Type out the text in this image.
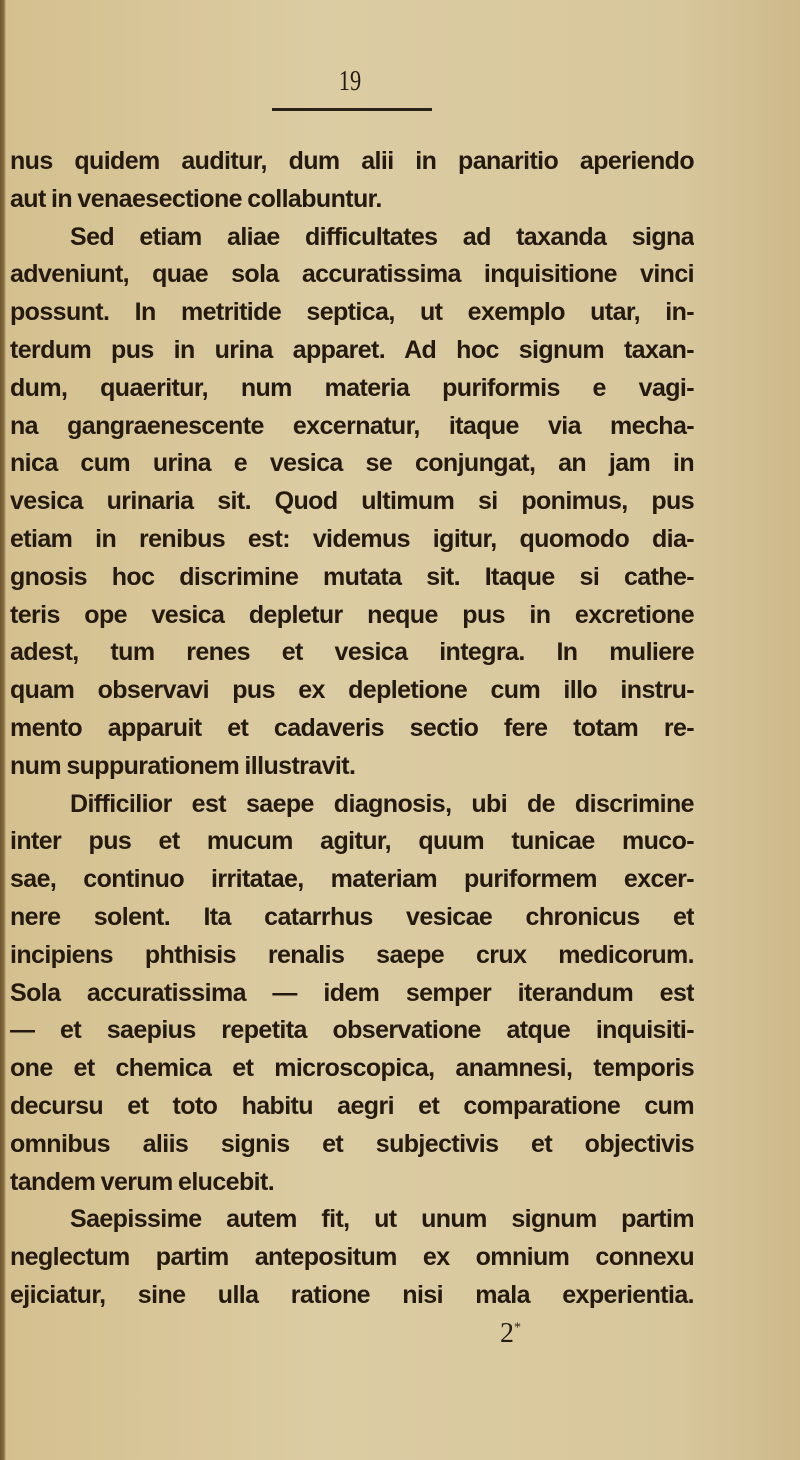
19
nus quidem auditur, dum alii in panaritio aperiendo
aut in venaesectione collabuntur.
Sed etiam aliae difficultates ad taxanda signa
adveniunt, quae sola accuratissima inquisitione vinci
possunt. In metritide septica, ut exemplo utar, in-
terdum pus in urina apparet. Ad hoc signum taxan-
dum, quaeritur, num materia puriformis e vagi-
na gangraenescente excernatur, itaque via mecha-
nica cum urina e vesica se conjungat, an jam in
vesica urinaria sit. Quod ultimum si ponimus, pus
etiam in renibus est: videmus igitur, quomodo dia-
gnosis hoc discrimine mutata sit. Itaque si cathe-
teris ope vesica depletur neque pus in excretione
adest, tum renes et vesica integra. In muliere
quam observavi pus ex depletione cum illo instru-
mento apparuit et cadaveris sectio fere totam re-
num suppurationem illustravit.
Difficilior est saepe diagnosis, ubi de discrimine
inter pus et mucum agitur, quum tunicae muco-
sae, continuo irritatae, materiam puriformem excer-
nere solent. Ita catarrhus vesicae chronicus et
incipiens phthisis renalis saepe crux medicorum.
Sola accuratissima — idem semper iterandum est
— et saepius repetita observatione atque inquisiti-
one et chemica et microscopica, anamnesi, temporis
decursu et toto habitu aegri et comparatione cum
omnibus aliis signis et subjectivis et objectivis
tandem verum elucebit.
Saepissime autem fit, ut unum signum partim
neglectum partim antepositum ex omnium connexu
ejiciatur, sine ulla ratione nisi mala experientia.
2*
